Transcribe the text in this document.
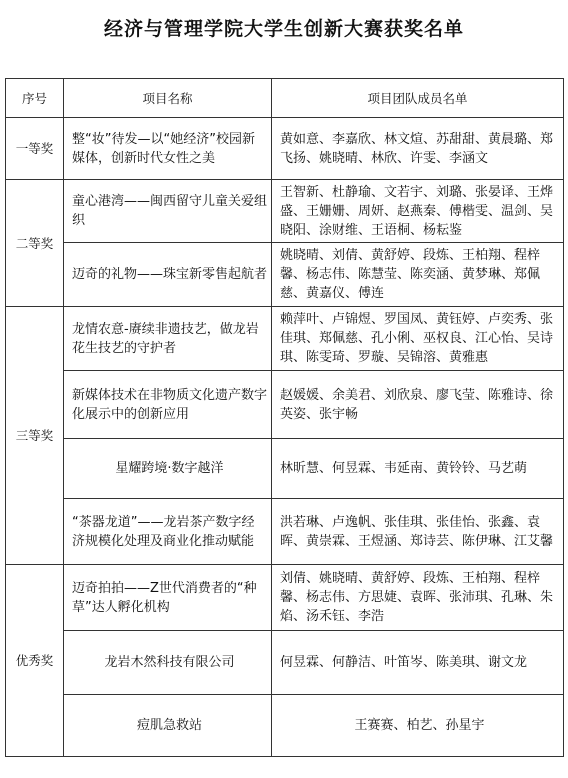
经济与管理学院大学生创新大赛获奖名单
序号	项目名称	项目团队成员名单
一等奖	整“妆”待发—以“她经济”校园新媒体，创新时代女性之美	黄如意、李嘉欣、林文煊、苏甜甜、黄晨璐、郑飞扬、姚晓晴、林欣、许雯、李涵文
二等奖	童心港湾——闽西留守儿童关爱组织	王智新、杜静瑜、文若宇、刘璐、张晏译、王烨盛、王姗姗、周妍、赵燕秦、傅楷雯、温剑、吴晓阳、涂财维、王语桐、杨耘鉴
	迈奇的礼物——珠宝新零售起航者	姚晓晴、刘倩、黄舒婷、段炼、王柏翔、程梓馨、杨志伟、陈慧莹、陈奕涵、黄梦琳、郑佩慈、黄嘉仪、傅连
三等奖	龙情农意-赓续非遗技艺，做龙岩花生技艺的守护者	赖萍叶、卢锦煜、罗国凤、黄钰婷、卢奕秀、张佳琪、郑佩慈、孔小俐、巫权良、江心怡、吴诗琪、陈雯琦、罗璇、吴锦溶、黄雅惠
	新媒体技术在非物质文化遗产数字化展示中的创新应用	赵媛媛、余美君、刘欣泉、廖飞莹、陈雅诗、徐英姿、张宇畅
	星耀跨境·数字越洋	林昕慧、何昱霖、韦延南、黄铃铃、马艺萌
	“茶器龙道”——龙岩茶产数字经济规模化处理及商业化推动赋能	洪若琳、卢逸帆、张佳琪、张佳怡、张鑫、袁晖、黄崇霖、王煜涵、郑诗芸、陈伊琳、江艾馨
优秀奖	迈奇拍拍——Z世代消费者的“种草”达人孵化机构	刘倩、姚晓晴、黄舒婷、段炼、王柏翔、程梓馨、杨志伟、方思婕、袁晖、张沛琪、孔琳、朱焰、汤禾钰、李浩
	龙岩木然科技有限公司	何昱霖、何静洁、叶笛岑、陈美琪、谢文龙
	痘肌急救站	王赛赛、柏艺、孙星宇
